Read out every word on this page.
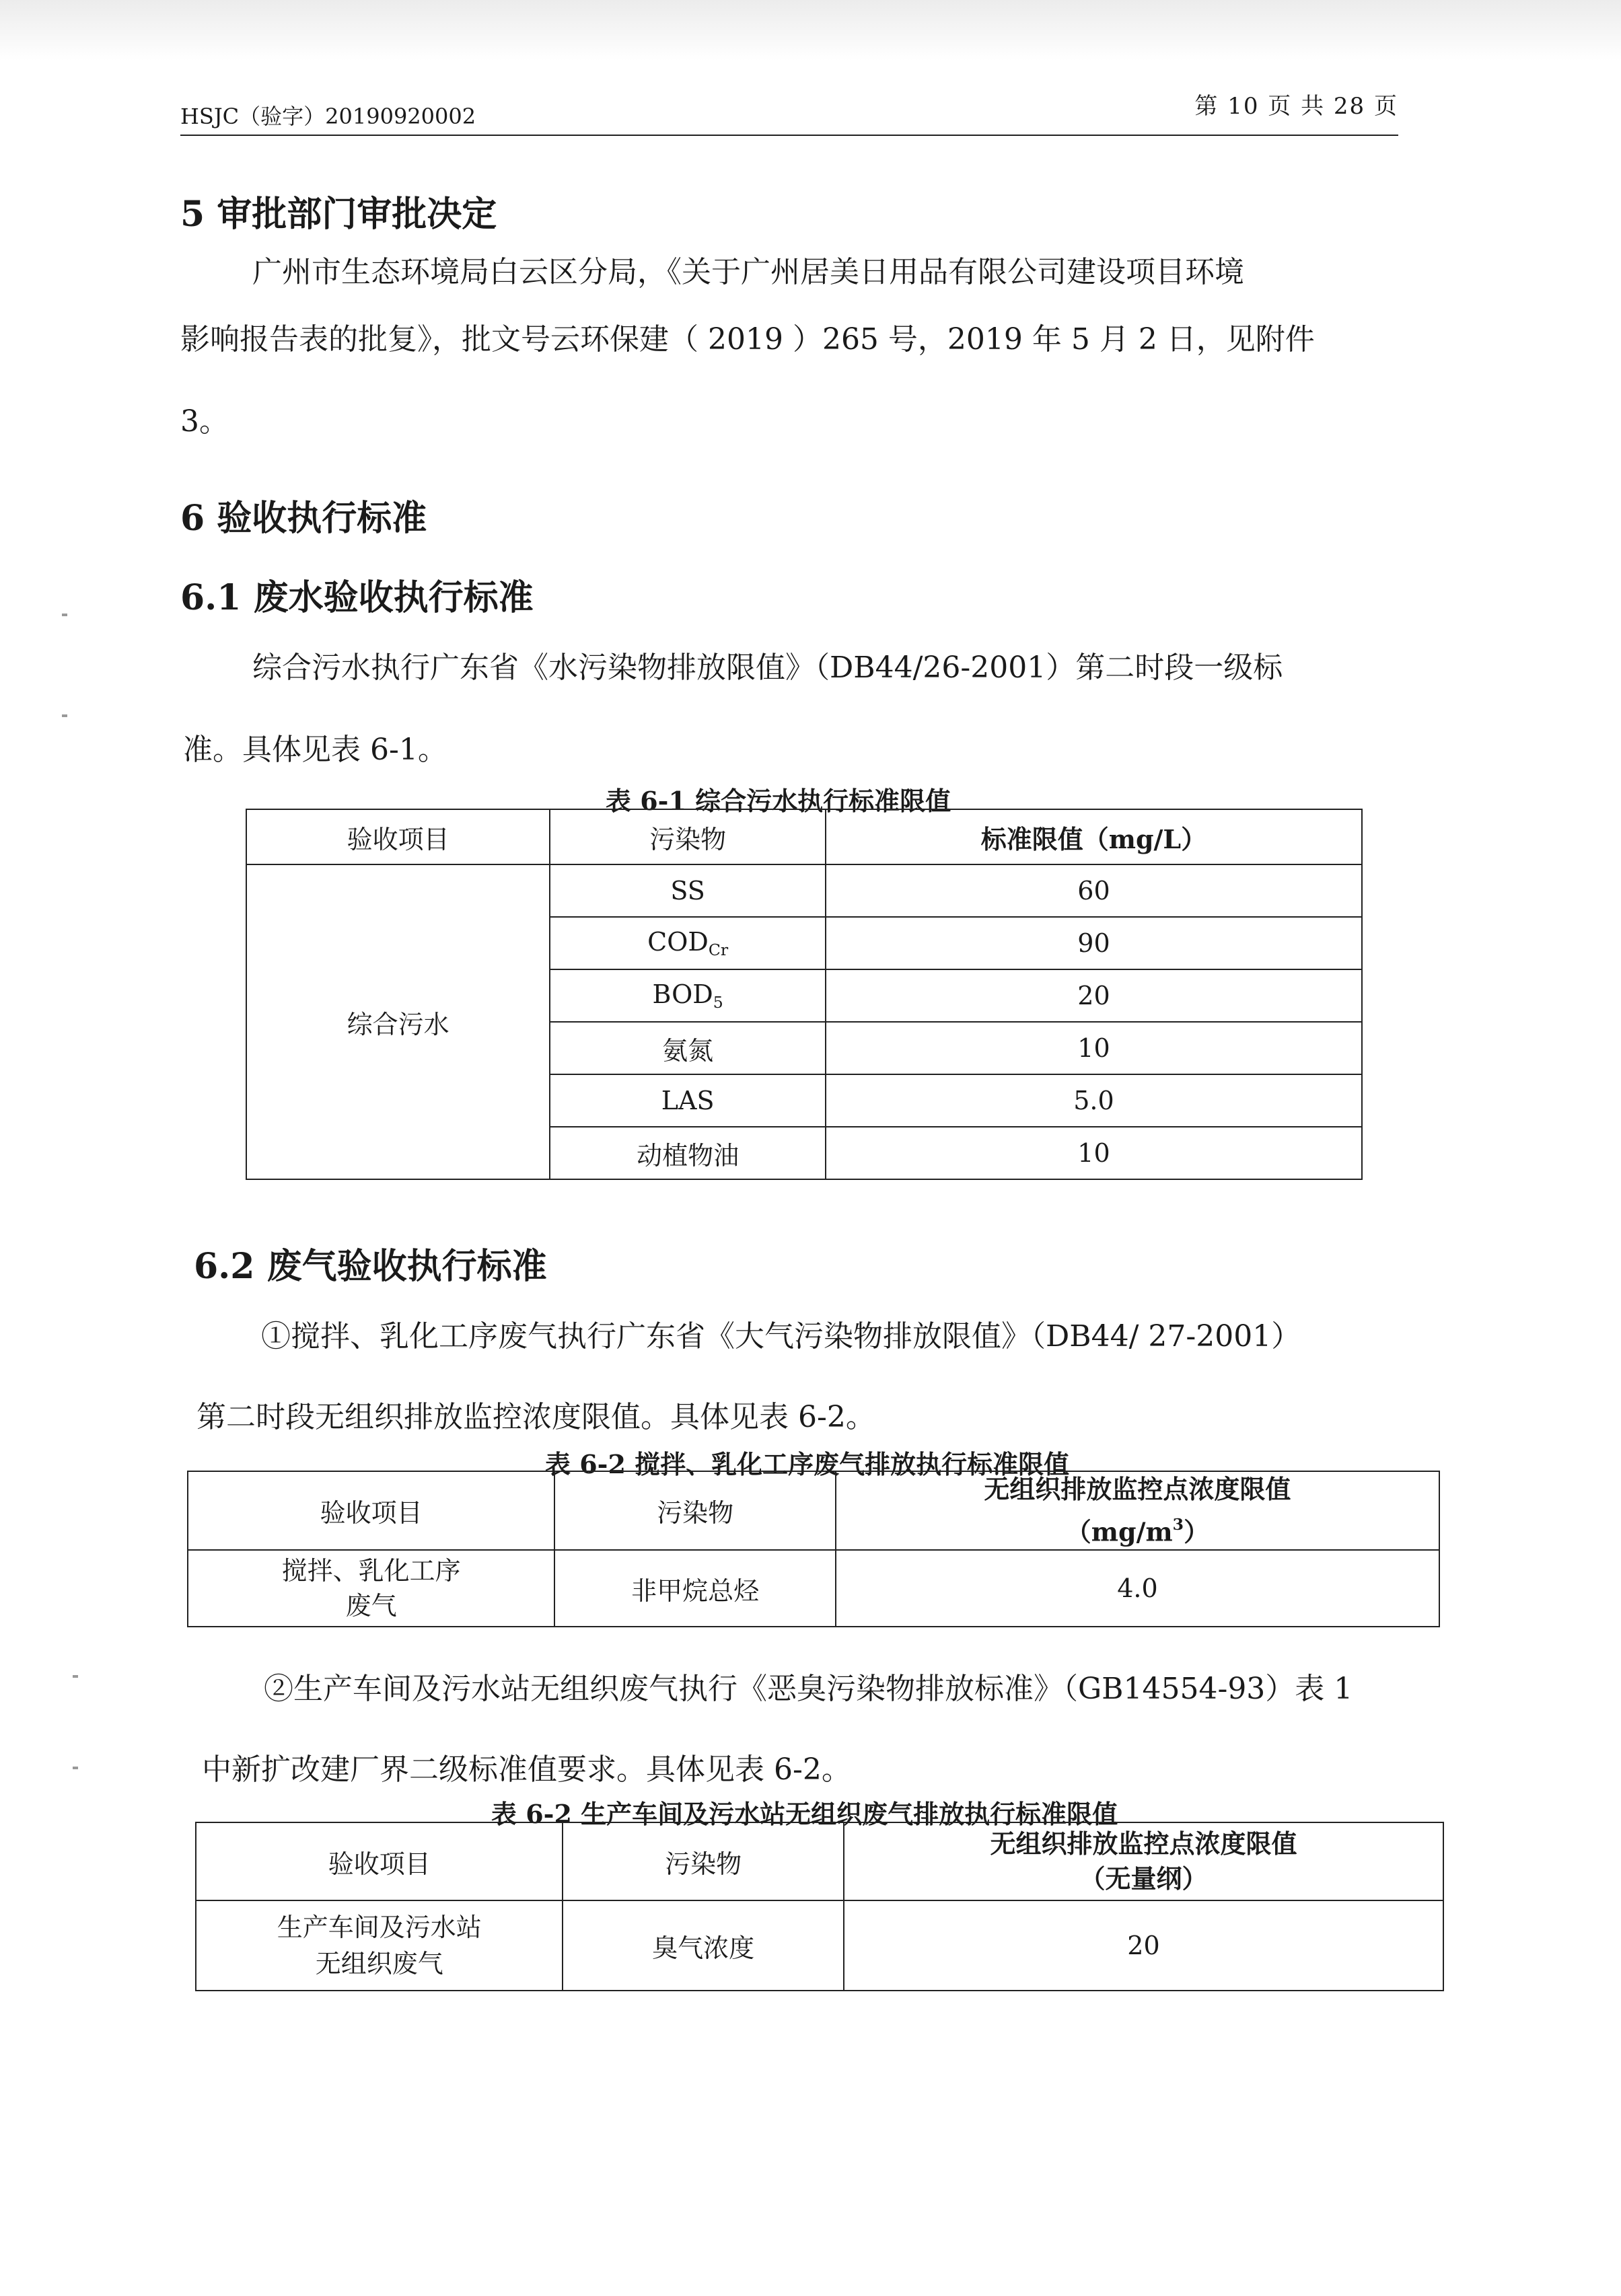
HSJC（验字）20190920002	第 10 页 共 28 页
5 审批部门审批决定

广州市生态环境局白云区分局，《关于广州居美日用品有限公司建设项目环境

影响报告表的批复》，批文号云环保建（ 2019 ）265 号，2019 年 5 月 2 日，见附件

3。

6 验收执行标准
6.1 废水验收执行标准

综合污水执行广东省《水污染物排放限值》（DB44/26-2001）第二时段一级标

准。具体见表 6-1。

表 6-1 综合污水执行标准限值

验收项目	污染物	标准限值（mg/L）
综合污水	SS	60
	$COD_{Cr}$	90
	$BOD_5$	20
	氨氮	10
	LAS	5.0
	动植物油	10
6.2 废气验收执行标准

①搅拌、乳化工序废气执行广东省《大气污染物排放限值》（DB44/ 27-2001）

第二时段无组织排放监控浓度限值。具体见表 6-2。

表 6-2 搅拌、乳化工序废气排放执行标准限值

验收项目	污染物	无组织排放监控点浓度限值
$(mg/m^3)$

搅拌、乳化工序
废气	非甲烷总烃	4.0

②生产车间及污水站无组织废气执行《恶臭污染物排放标准》（GB14554-93）表 1

中新扩改建厂界二级标准值要求。具体见表 6-2。

表 6-2 生产车间及污水站无组织废气排放执行标准限值

验收项目	污染物	无组织排放监控点浓度限值
（无量纲）

生产车间及污水站
无组织废气	臭气浓度	20
